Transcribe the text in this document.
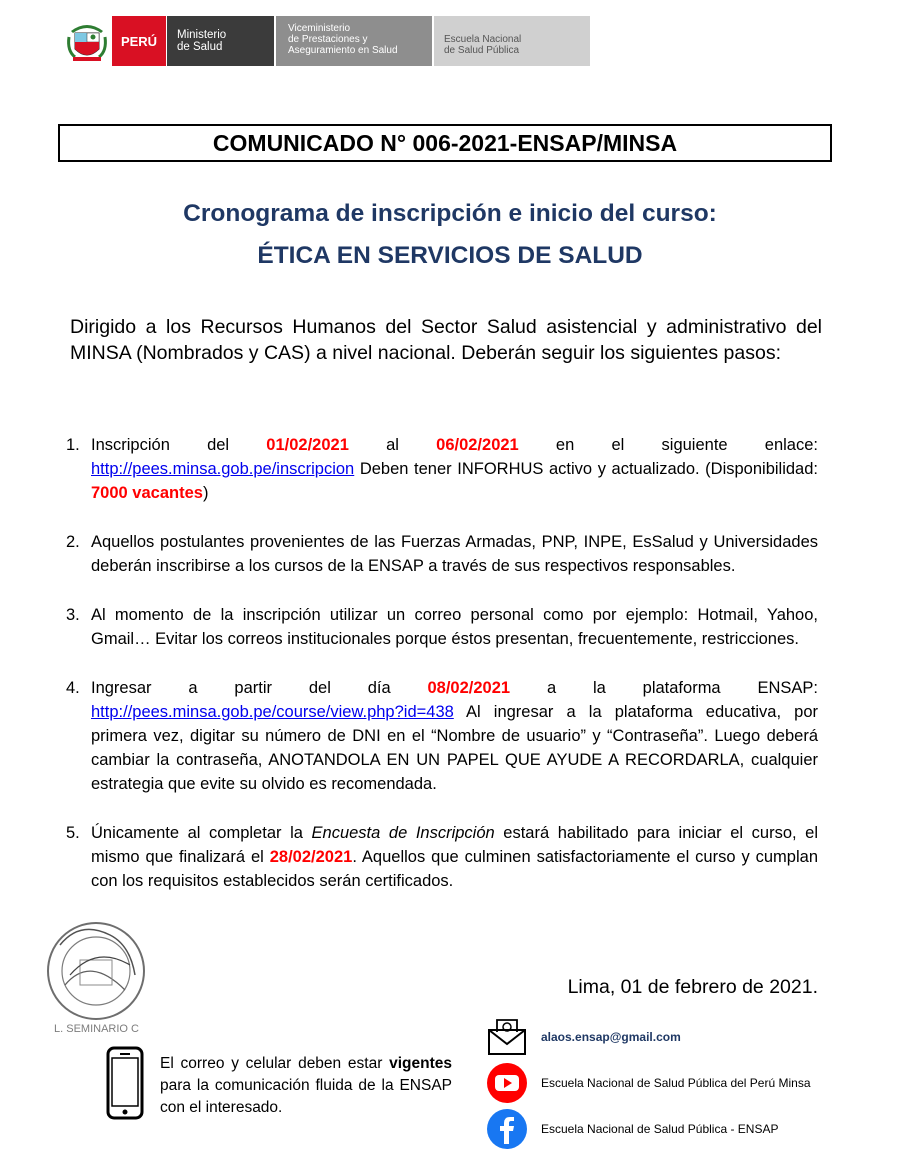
PERÚ	Ministerio
de Salud
Viceministerio
de Prestaciones y
Aseguramiento en Salud
Escuela Nacional
de Salud Pública
COMUNICADO N° 006-2021-ENSAP/MINSA
Cronograma de inscripción e inicio del curso:
ÉTICA EN SERVICIOS DE SALUD

Dirigido a los Recursos Humanos del Sector Salud asistencial y administrativo del MINSA (Nombrados y CAS) a nivel nacional. Deberán seguir los siguientes pasos:

1. Inscripción del 01/02/2021 al 06/02/2021 en el siguiente enlace: http://pees.minsa.gob.pe/inscripcion Deben tener INFORHUS activo y actualizado. (Disponibilidad: 7000 vacantes)
2. Aquellos postulantes provenientes de las Fuerzas Armadas, PNP, INPE, EsSalud y Universidades deberán inscribirse a los cursos de la ENSAP a través de sus respectivos responsables.
3. Al momento de la inscripción utilizar un correo personal como por ejemplo: Hotmail, Yahoo, Gmail… Evitar los correos institucionales porque éstos presentan, frecuentemente, restricciones.
4. Ingresar a partir del día 08/02/2021 a la plataforma ENSAP: http://pees.minsa.gob.pe/course/view.php?id=438 Al ingresar a la plataforma educativa, por primera vez, digitar su número de DNI en el “Nombre de usuario” y “Contraseña”. Luego deberá cambiar la contraseña, ANOTANDOLA EN UN PAPEL QUE AYUDE A RECORDARLA, cualquier estrategia que evite su olvido es recomendada.
5. Únicamente al completar la Encuesta de Inscripción estará habilitado para iniciar el curso, el mismo que finalizará el 28/02/2021. Aquellos que culminen satisfactoriamente el curso y cumplan con los requisitos establecidos serán certificados.
L. SEMINARIO C
Lima, 01 de febrero de 2021.

El correo y celular deben estar vigentes para la comunicación fluida de la ENSAP con el interesado.

alaos.ensap@gmail.com
Escuela Nacional de Salud Pública del Perú Minsa
Escuela Nacional de Salud Pública - ENSAP
